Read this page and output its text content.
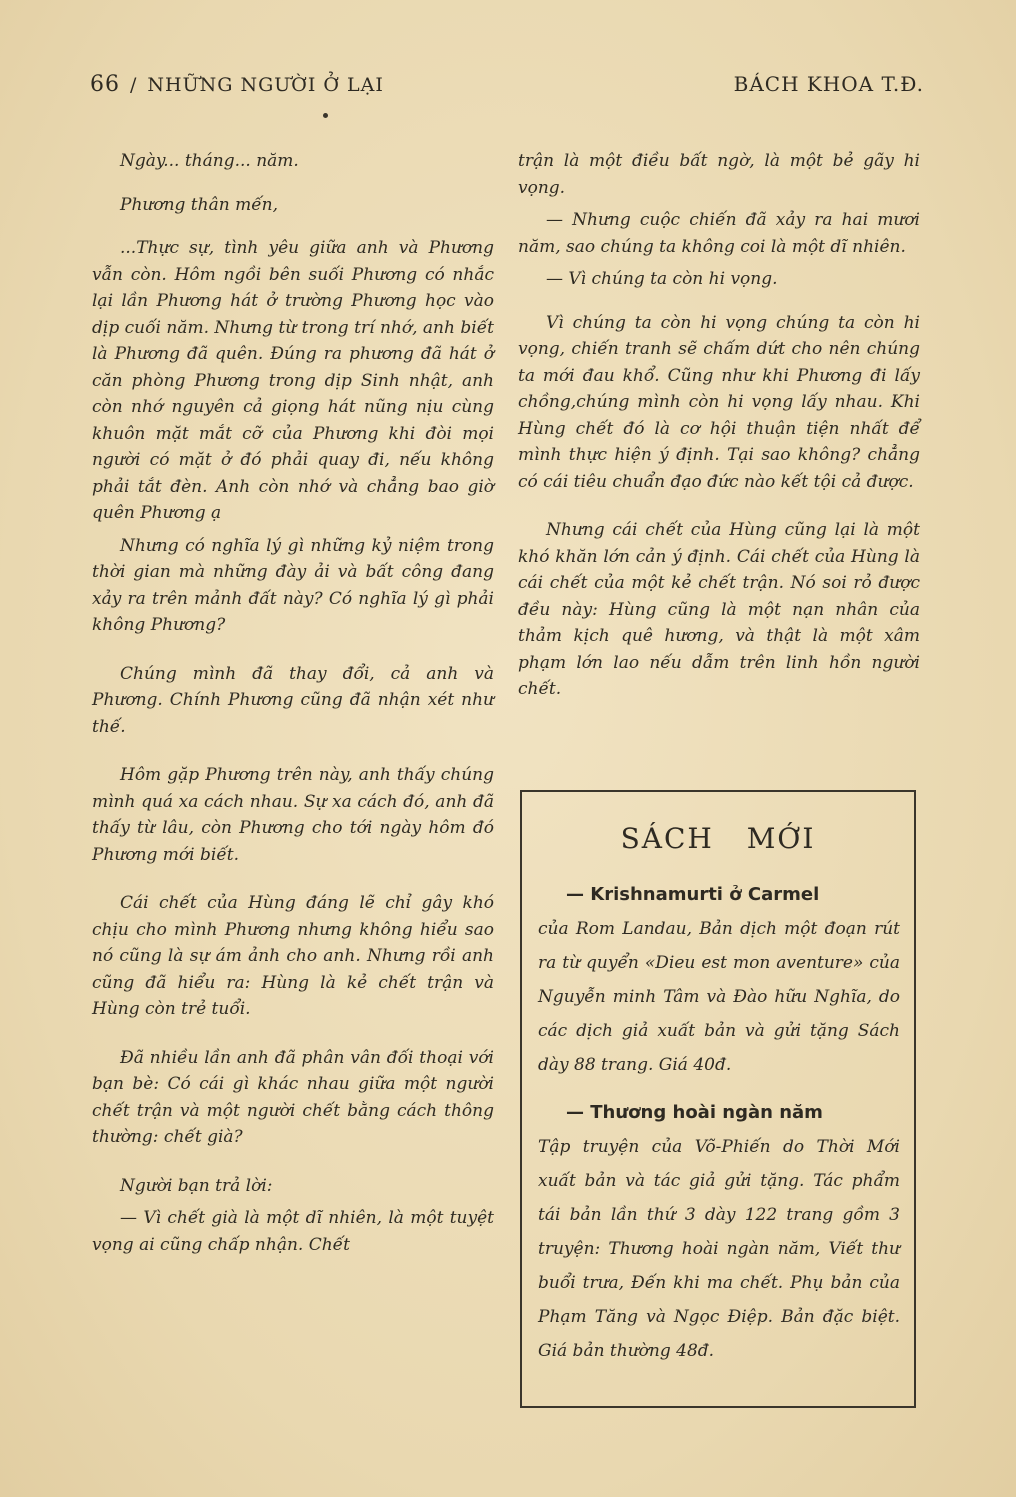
66 / NHỮNG NGƯỜI Ở LẠI	BÁCH KHOA T.Đ.

Ngày... tháng... năm.

Phương thân mến,

...Thực sự, tình yêu giữa anh và Phương vẫn còn. Hôm ngồi bên suối Phương có nhắc lại lần Phương hát ở trường Phương học vào dịp cuối năm. Nhưng từ trong trí nhớ, anh biết là Phương đã quên. Đúng ra phương đã hát ở căn phòng Phương trong dịp Sinh nhật, anh còn nhớ nguyên cả giọng hát nũng nịu cùng khuôn mặt mắt cỡ của Phương khi đòi mọi người có mặt ở đó phải quay đi, nếu không phải tắt đèn. Anh còn nhớ và chẳng bao giờ quên Phương ạ

Nhưng có nghĩa lý gì những kỷ niệm trong thời gian mà những đày ải và bất công đang xảy ra trên mảnh đất này? Có nghĩa lý gì phải không Phương?

Chúng mình đã thay đổi, cả anh và Phương. Chính Phương cũng đã nhận xét như thế.

Hôm gặp Phương trên này, anh thấy chúng mình quá xa cách nhau. Sự xa cách đó, anh đã thấy từ lâu, còn Phương cho tới ngày hôm đó Phương mới biết.

Cái chết của Hùng đáng lẽ chỉ gây khó chịu cho mình Phương nhưng không hiểu sao nó cũng là sự ám ảnh cho anh. Nhưng rồi anh cũng đã hiểu ra: Hùng là kẻ chết trận và Hùng còn trẻ tuổi.

Đã nhiều lần anh đã phân vân đối thoại với bạn bè: Có cái gì khác nhau giữa một người chết trận và một người chết bằng cách thông thường: chết già?

Người bạn trả lời:

— Vì chết già là một dĩ nhiên, là một tuyệt vọng ai cũng chấp nhận. Chết

trận là một điều bất ngờ, là một bẻ gãy hi vọng.

— Nhưng cuộc chiến đã xảy ra hai mươi năm, sao chúng ta không coi là một dĩ nhiên.

— Vì chúng ta còn hi vọng.

Vì chúng ta còn hi vọng chúng ta còn hi vọng, chiến tranh sẽ chấm dứt cho nên chúng ta mới đau khổ. Cũng như khi Phương đi lấy chồng,chúng mình còn hi vọng lấy nhau. Khi Hùng chết đó là cơ hội thuận tiện nhất để mình thực hiện ý định. Tại sao không? chẳng có cái tiêu chuẩn đạo đức nào kết tội cả được.

Nhưng cái chết của Hùng cũng lại là một khó khăn lớn cản ý định. Cái chết của Hùng là cái chết của một kẻ chết trận. Nó soi rỏ được đều này: Hùng cũng là một nạn nhân của thảm kịch quê hương, và thật là một xâm phạm lớn lao nếu dẫm trên linh hồn người chết.

SÁCH MỚI
— Krishnamurti ở Carmel

của Rom Landau, Bản dịch một đoạn rút ra từ quyển «Dieu est mon aventure» của Nguyễn minh Tâm và Đào hữu Nghĩa, do các dịch giả xuất bản và gửi tặng Sách dày 88 trang. Giá 40đ.

— Thương hoài ngàn năm

Tập truyện của Võ-Phiến do Thời Mới xuất bản và tác giả gửi tặng. Tác phẩm tái bản lần thứ 3 dày 122 trang gồm 3 truyện: Thương hoài ngàn năm, Viết thư buổi trưa, Đến khi ma chết. Phụ bản của Phạm Tăng và Ngọc Điệp. Bản đặc biệt. Giá bản thường 48đ.
